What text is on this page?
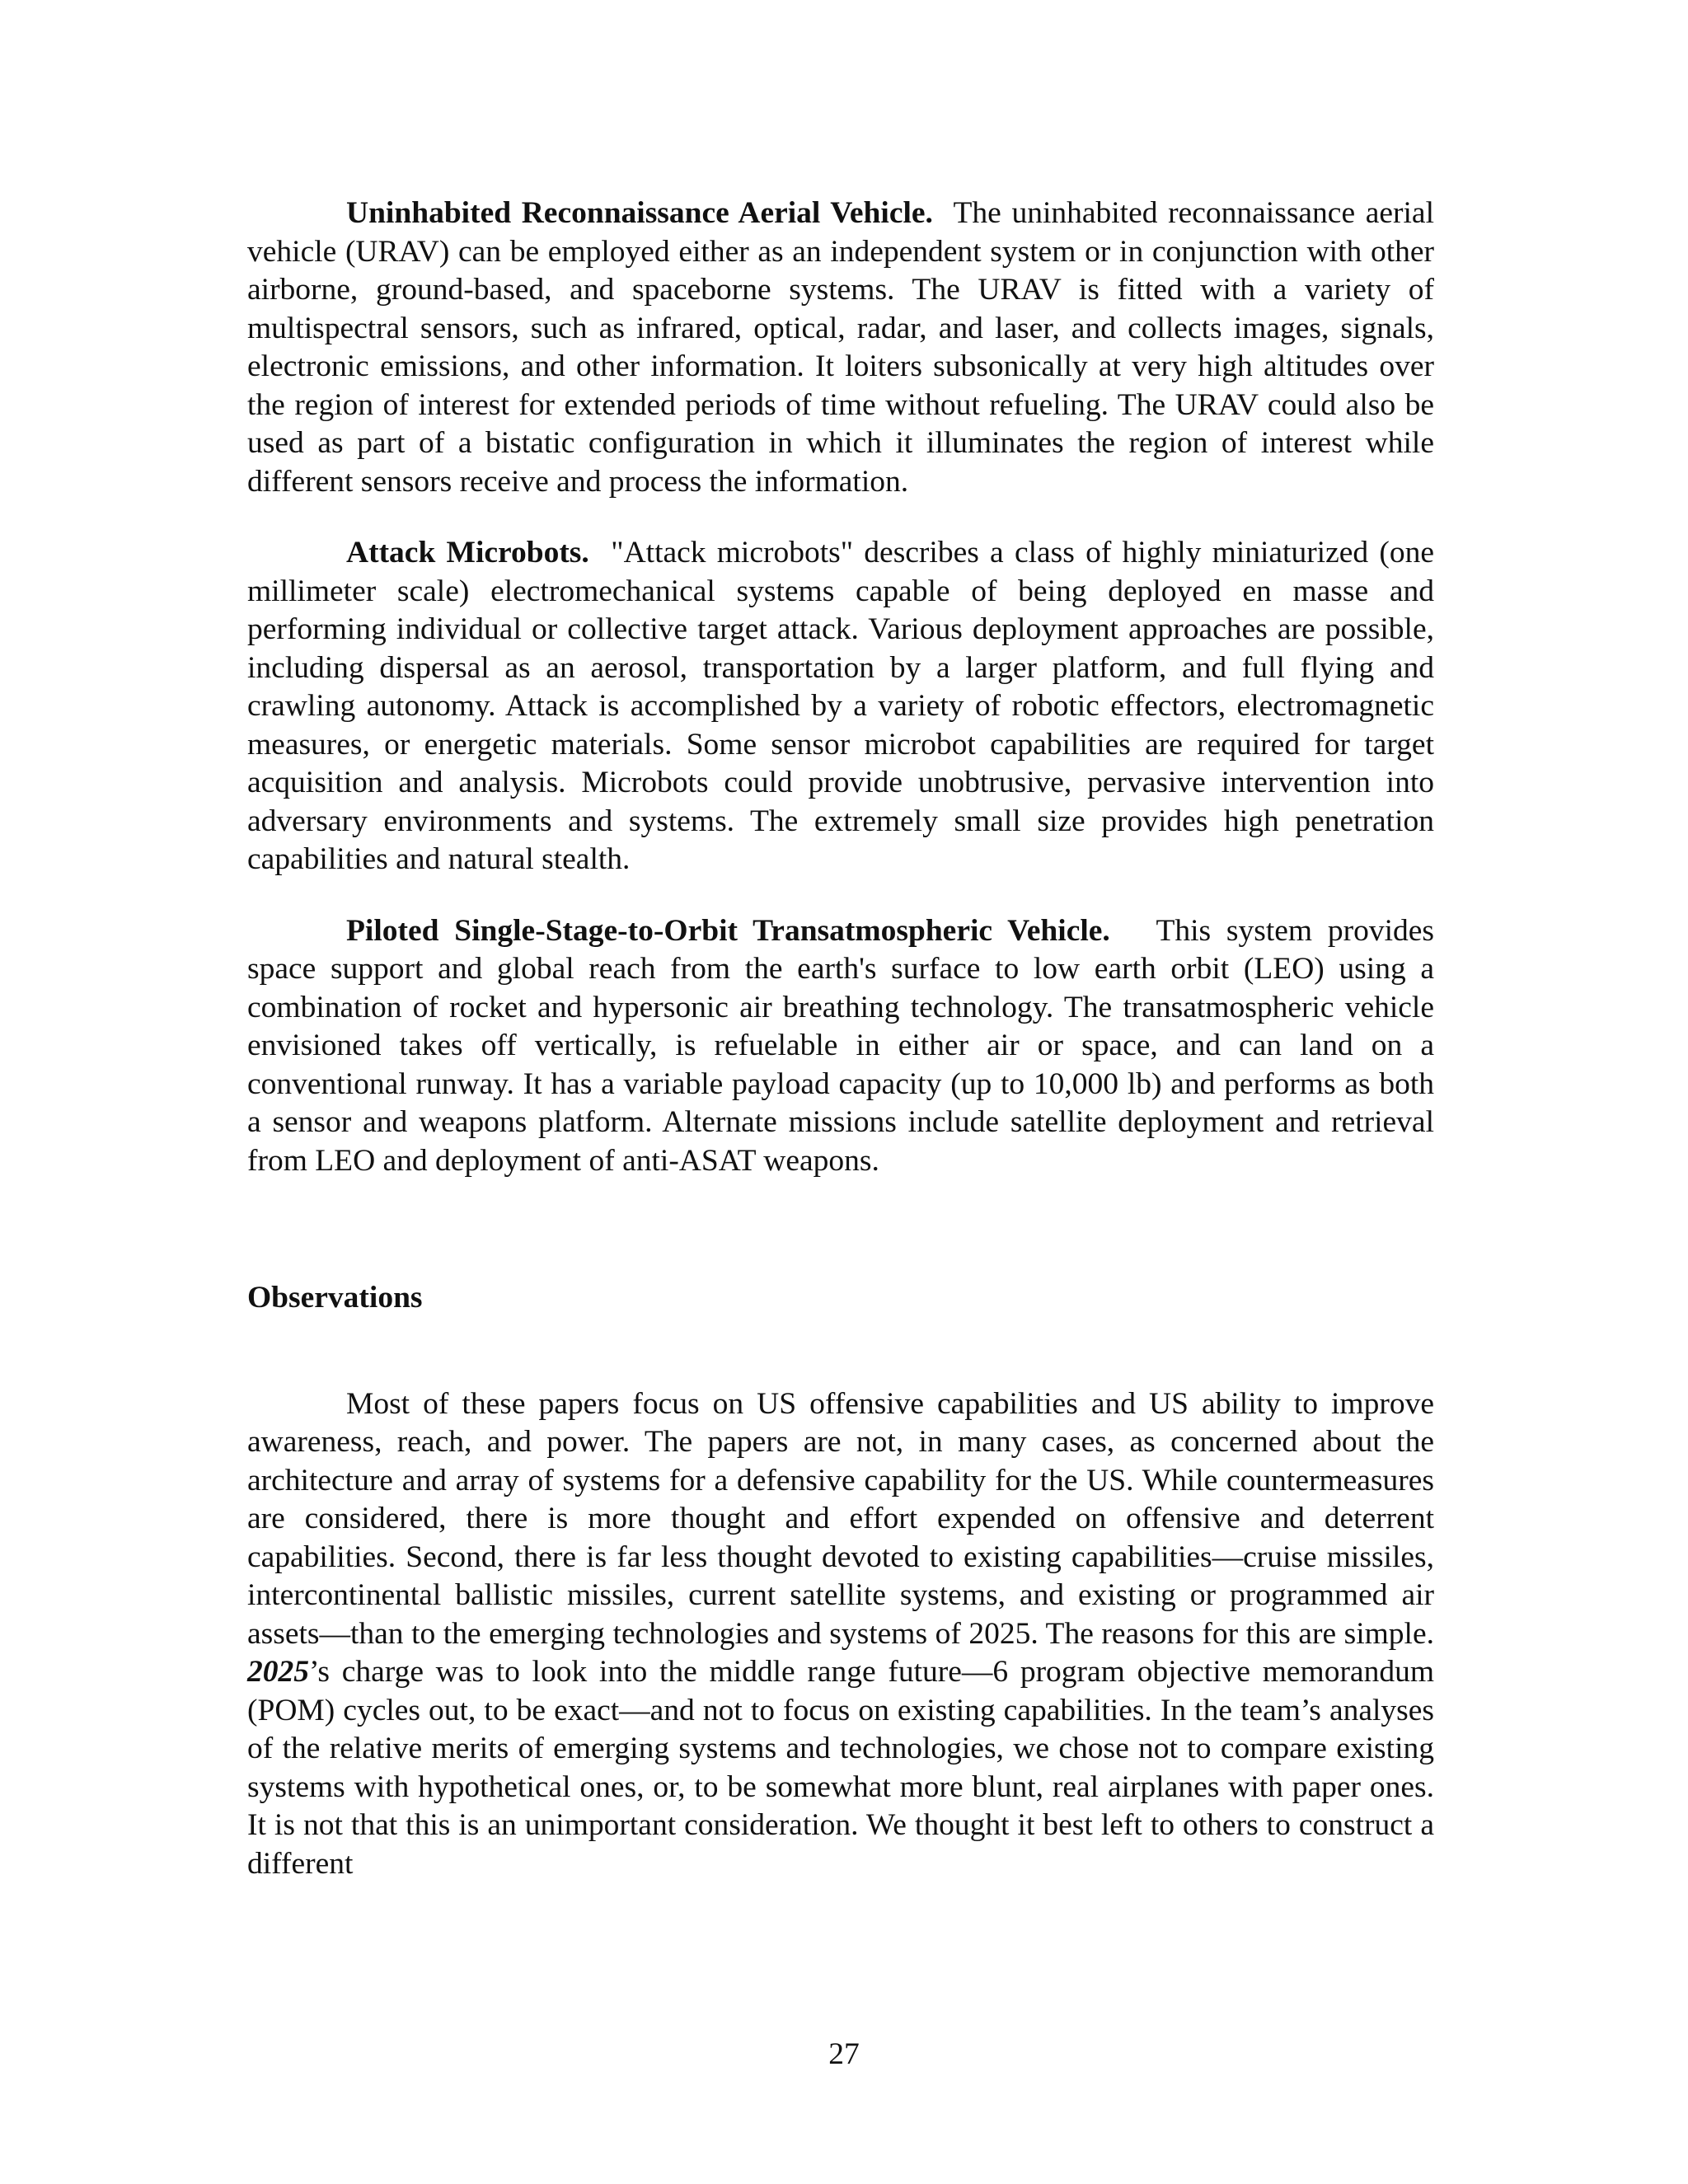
Uninhabited Reconnaissance Aerial Vehicle. The uninhabited reconnaissance aerial vehicle (URAV) can be employed either as an independent system or in conjunction with other airborne, ground-based, and spaceborne systems. The URAV is fitted with a variety of multispectral sensors, such as infrared, optical, radar, and laser, and collects images, signals, electronic emissions, and other information. It loiters subsonically at very high altitudes over the region of interest for extended periods of time without refueling. The URAV could also be used as part of a bistatic configuration in which it illuminates the region of interest while different sensors receive and process the information.

Attack Microbots. "Attack microbots" describes a class of highly miniaturized (one millimeter scale) electromechanical systems capable of being deployed en masse and performing individual or collective target attack. Various deployment approaches are possible, including dispersal as an aerosol, transportation by a larger platform, and full flying and crawling autonomy. Attack is accomplished by a variety of robotic effectors, electromagnetic measures, or energetic materials. Some sensor microbot capabilities are required for target acquisition and analysis. Microbots could provide unobtrusive, pervasive intervention into adversary environments and systems. The extremely small size provides high penetration capabilities and natural stealth.

Piloted Single-Stage-to-Orbit Transatmospheric Vehicle. This system provides space support and global reach from the earth's surface to low earth orbit (LEO) using a combination of rocket and hypersonic air breathing technology. The transatmospheric vehicle envisioned takes off vertically, is refuelable in either air or space, and can land on a conventional runway. It has a variable payload capacity (up to 10,000 lb) and performs as both a sensor and weapons platform. Alternate missions include satellite deployment and retrieval from LEO and deployment of anti-ASAT weapons.

Observations

Most of these papers focus on US offensive capabilities and US ability to improve awareness, reach, and power. The papers are not, in many cases, as concerned about the architecture and array of systems for a defensive capability for the US. While countermeasures are considered, there is more thought and effort expended on offensive and deterrent capabilities. Second, there is far less thought devoted to existing capabilities—cruise missiles, intercontinental ballistic missiles, current satellite systems, and existing or programmed air assets—than to the emerging technologies and systems of 2025. The reasons for this are simple. 2025’s charge was to look into the middle range future—6 program objective memorandum (POM) cycles out, to be exact—and not to focus on existing capabilities. In the team’s analyses of the relative merits of emerging systems and technologies, we chose not to compare existing systems with hypothetical ones, or, to be somewhat more blunt, real airplanes with paper ones. It is not that this is an unimportant consideration. We thought it best left to others to construct a different

27
